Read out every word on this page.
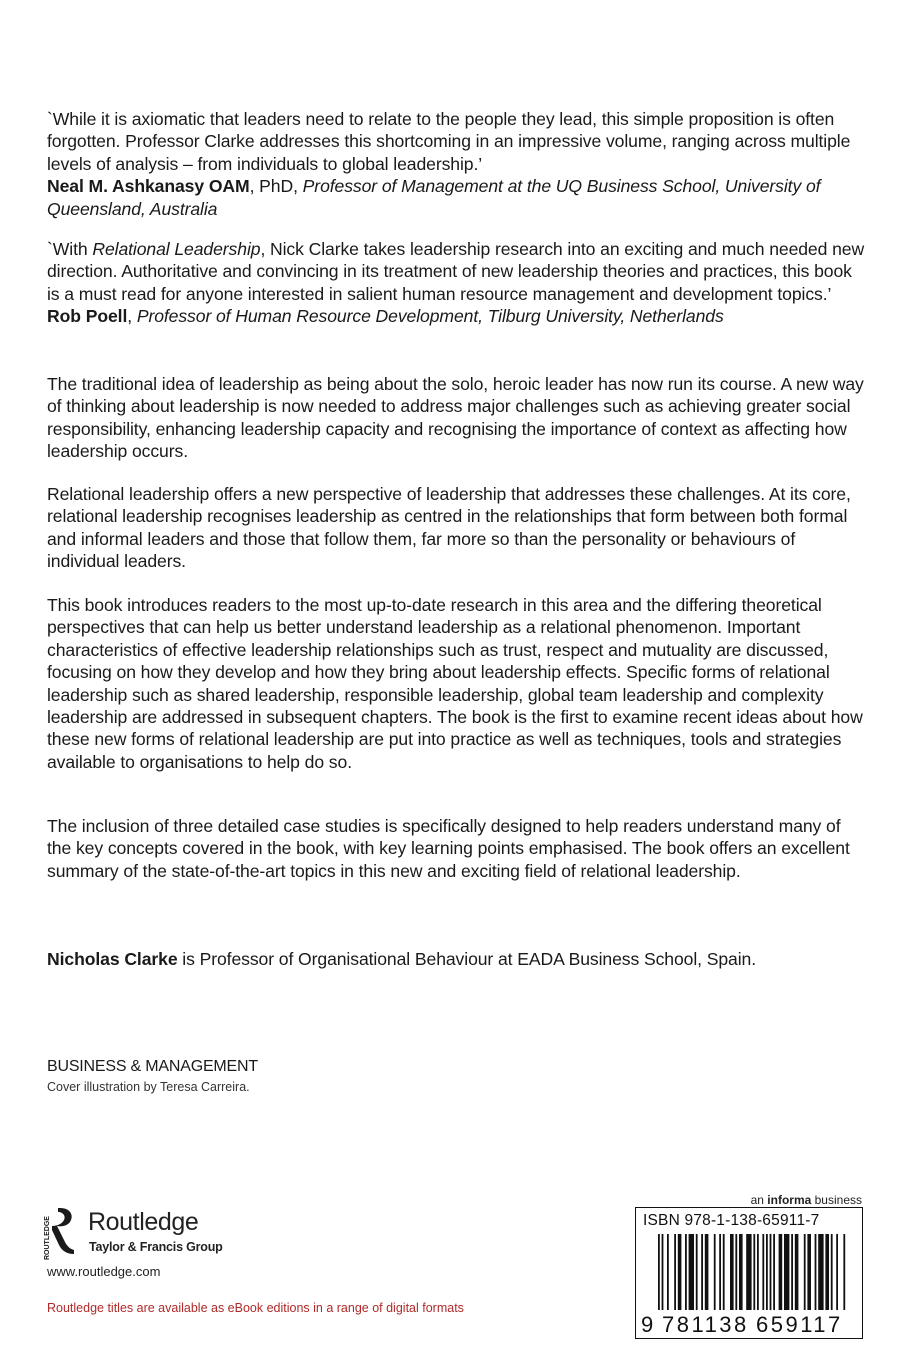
`While it is axiomatic that leaders need to relate to the people they lead, this simple proposition is often forgotten. Professor Clarke addresses this shortcoming in an impressive volume, ranging across multiple levels of analysis – from individuals to global leadership.’

Neal M. Ashkanasy OAM, PhD, Professor of Management at the UQ Business School, University of Queensland, Australia

`With Relational Leadership, Nick Clarke takes leadership research into an exciting and much needed new direction. Authoritative and convincing in its treatment of new leadership theories and practices, this book is a must read for anyone interested in salient human resource management and development topics.’

Rob Poell, Professor of Human Resource Development, Tilburg University, Netherlands

The traditional idea of leadership as being about the solo, heroic leader has now run its course. A new way of thinking about leadership is now needed to address major challenges such as achieving greater social responsibility, enhancing leadership capacity and recognising the importance of context as affecting how leadership occurs.

Relational leadership offers a new perspective of leadership that addresses these challenges. At its core, relational leadership recognises leadership as centred in the relationships that form between both formal and informal leaders and those that follow them, far more so than the personality or behaviours of individual leaders.

This book introduces readers to the most up-to-date research in this area and the differing theoretical perspectives that can help us better understand leadership as a relational phenomenon. Important characteristics of effective leadership relationships such as trust, respect and mutuality are discussed, focusing on how they develop and how they bring about leadership effects. Specific forms of relational leadership such as shared leadership, responsible leadership, global team leadership and complexity leadership are addressed in subsequent chapters. The book is the first to examine recent ideas about how these new forms of relational leadership are put into practice as well as techniques, tools and strategies available to organisations to help do so.

The inclusion of three detailed case studies is specifically designed to help readers understand many of the key concepts covered in the book, with key learning points emphasised. The book offers an excellent summary of the state-of-the-art topics in this new and exciting field of relational leadership.

Nicholas Clarke is Professor of Organisational Behaviour at EADA Business School, Spain.

BUSINESS & MANAGEMENT
Cover illustration by Teresa Carreira.
ROUTLEDGE Routledge
Taylor & Francis Group
www.routledge.com
Routledge titles are available as eBook editions in a range of digital formats
an informa business
ISBN 978-1-138-65911-7
9 781138 659117
